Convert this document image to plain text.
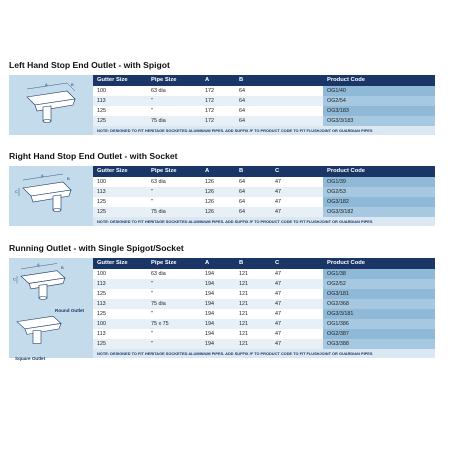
Left Hand Stop End Outlet - with Spigot
A	B
Gutter Size	Pipe Size	A	B	Product Code
100	63 dia	172	64	OG1/40
113	"	172	64	OG2/54
125	"	172	64	OG3/183
125	75 dia	172	64	OG3/3/183
NOTE: DESIGNED TO FIT HERITAGE SOCKETED ALUMINIUM PIPES. ADD SUFFIX /F TO PRODUCT CODE TO FIT FLUSHJOINT OR GUARDIAN PIPES
Right Hand Stop End Outlet - with Socket
A
C
B
Gutter Size	Pipe Size	A	B	C	Product Code
100	63 dia	126	64	47	OG1/39
113	"	126	64	47	OG2/53
125	"	126	64	47	OG3/182
125	75 dia	126	64	47	OG3/3/182
NOTE: DESIGNED TO FIT HERITAGE SOCKETED ALUMINIUM PIPES. ADD SUFFIX /F TO PRODUCT CODE TO FIT FLUSHJOINT OR GUARDIAN PIPES
Running Outlet - with Single Spigot/Socket
A
C
B
Round Outlet
Square Outlet
Gutter Size	Pipe Size	A	B	C	Product Code
100	63 dia	194	121	47	OG1/38
113	"	194	121	47	OG2/52
125	"	194	121	47	OG3/181
113	75 dia	194	121	47	OG2/368
125	"	194	121	47	OG3/3/181
100	75 x 75	194	121	47	OG1/386
113	"	194	121	47	OG2/387
125	"	194	121	47	OG3/388
NOTE: DESIGNED TO FIT HERITAGE SOCKETED ALUMINIUM PIPES. ADD SUFFIX /F TO PRODUCT CODE TO FIT FLUSHJOINT OR GUARDIAN PIPES
